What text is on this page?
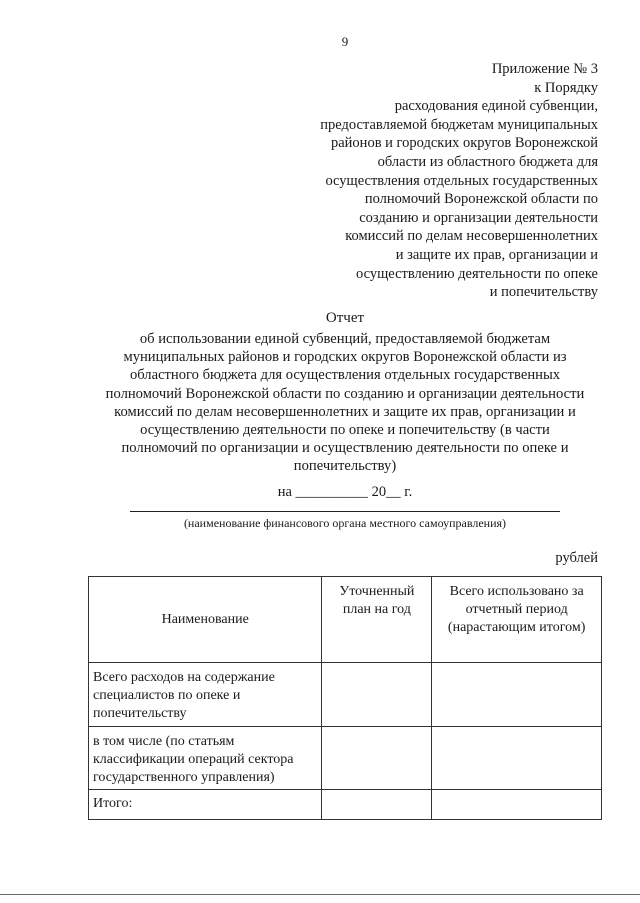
9
Приложение № 3
к Порядку
расходования единой субвенции,
предоставляемой бюджетам муниципальных
районов и городских округов Воронежской
области из областного бюджета для
осуществления отдельных государственных
полномочий Воронежской области по
созданию и организации деятельности
комиссий по делам несовершеннолетних
и защите их прав, организации и
осуществлению деятельности по опеке
и попечительству
Отчет
об использовании единой субвенций, предоставляемой бюджетам
муниципальных районов и городских округов Воронежской области из
областного бюджета для осуществления отдельных государственных
полномочий Воронежской области по созданию и организации деятельности
комиссий по делам несовершеннолетних и защите их прав, организации и
осуществлению деятельности по опеке и попечительству (в части
полномочий по организации и осуществлению деятельности по опеке и
попечительству)
на __________ 20__ г.
(наименование финансового органа местного самоуправления)
рублей
Наименование	Уточненный план на год	Всего использовано за отчетный период (нарастающим итогом)
Всего расходов на содержание специалистов по опеке и попечительству		
в том числе (по статьям классификации операций сектора государственного управления)		
Итого:		
